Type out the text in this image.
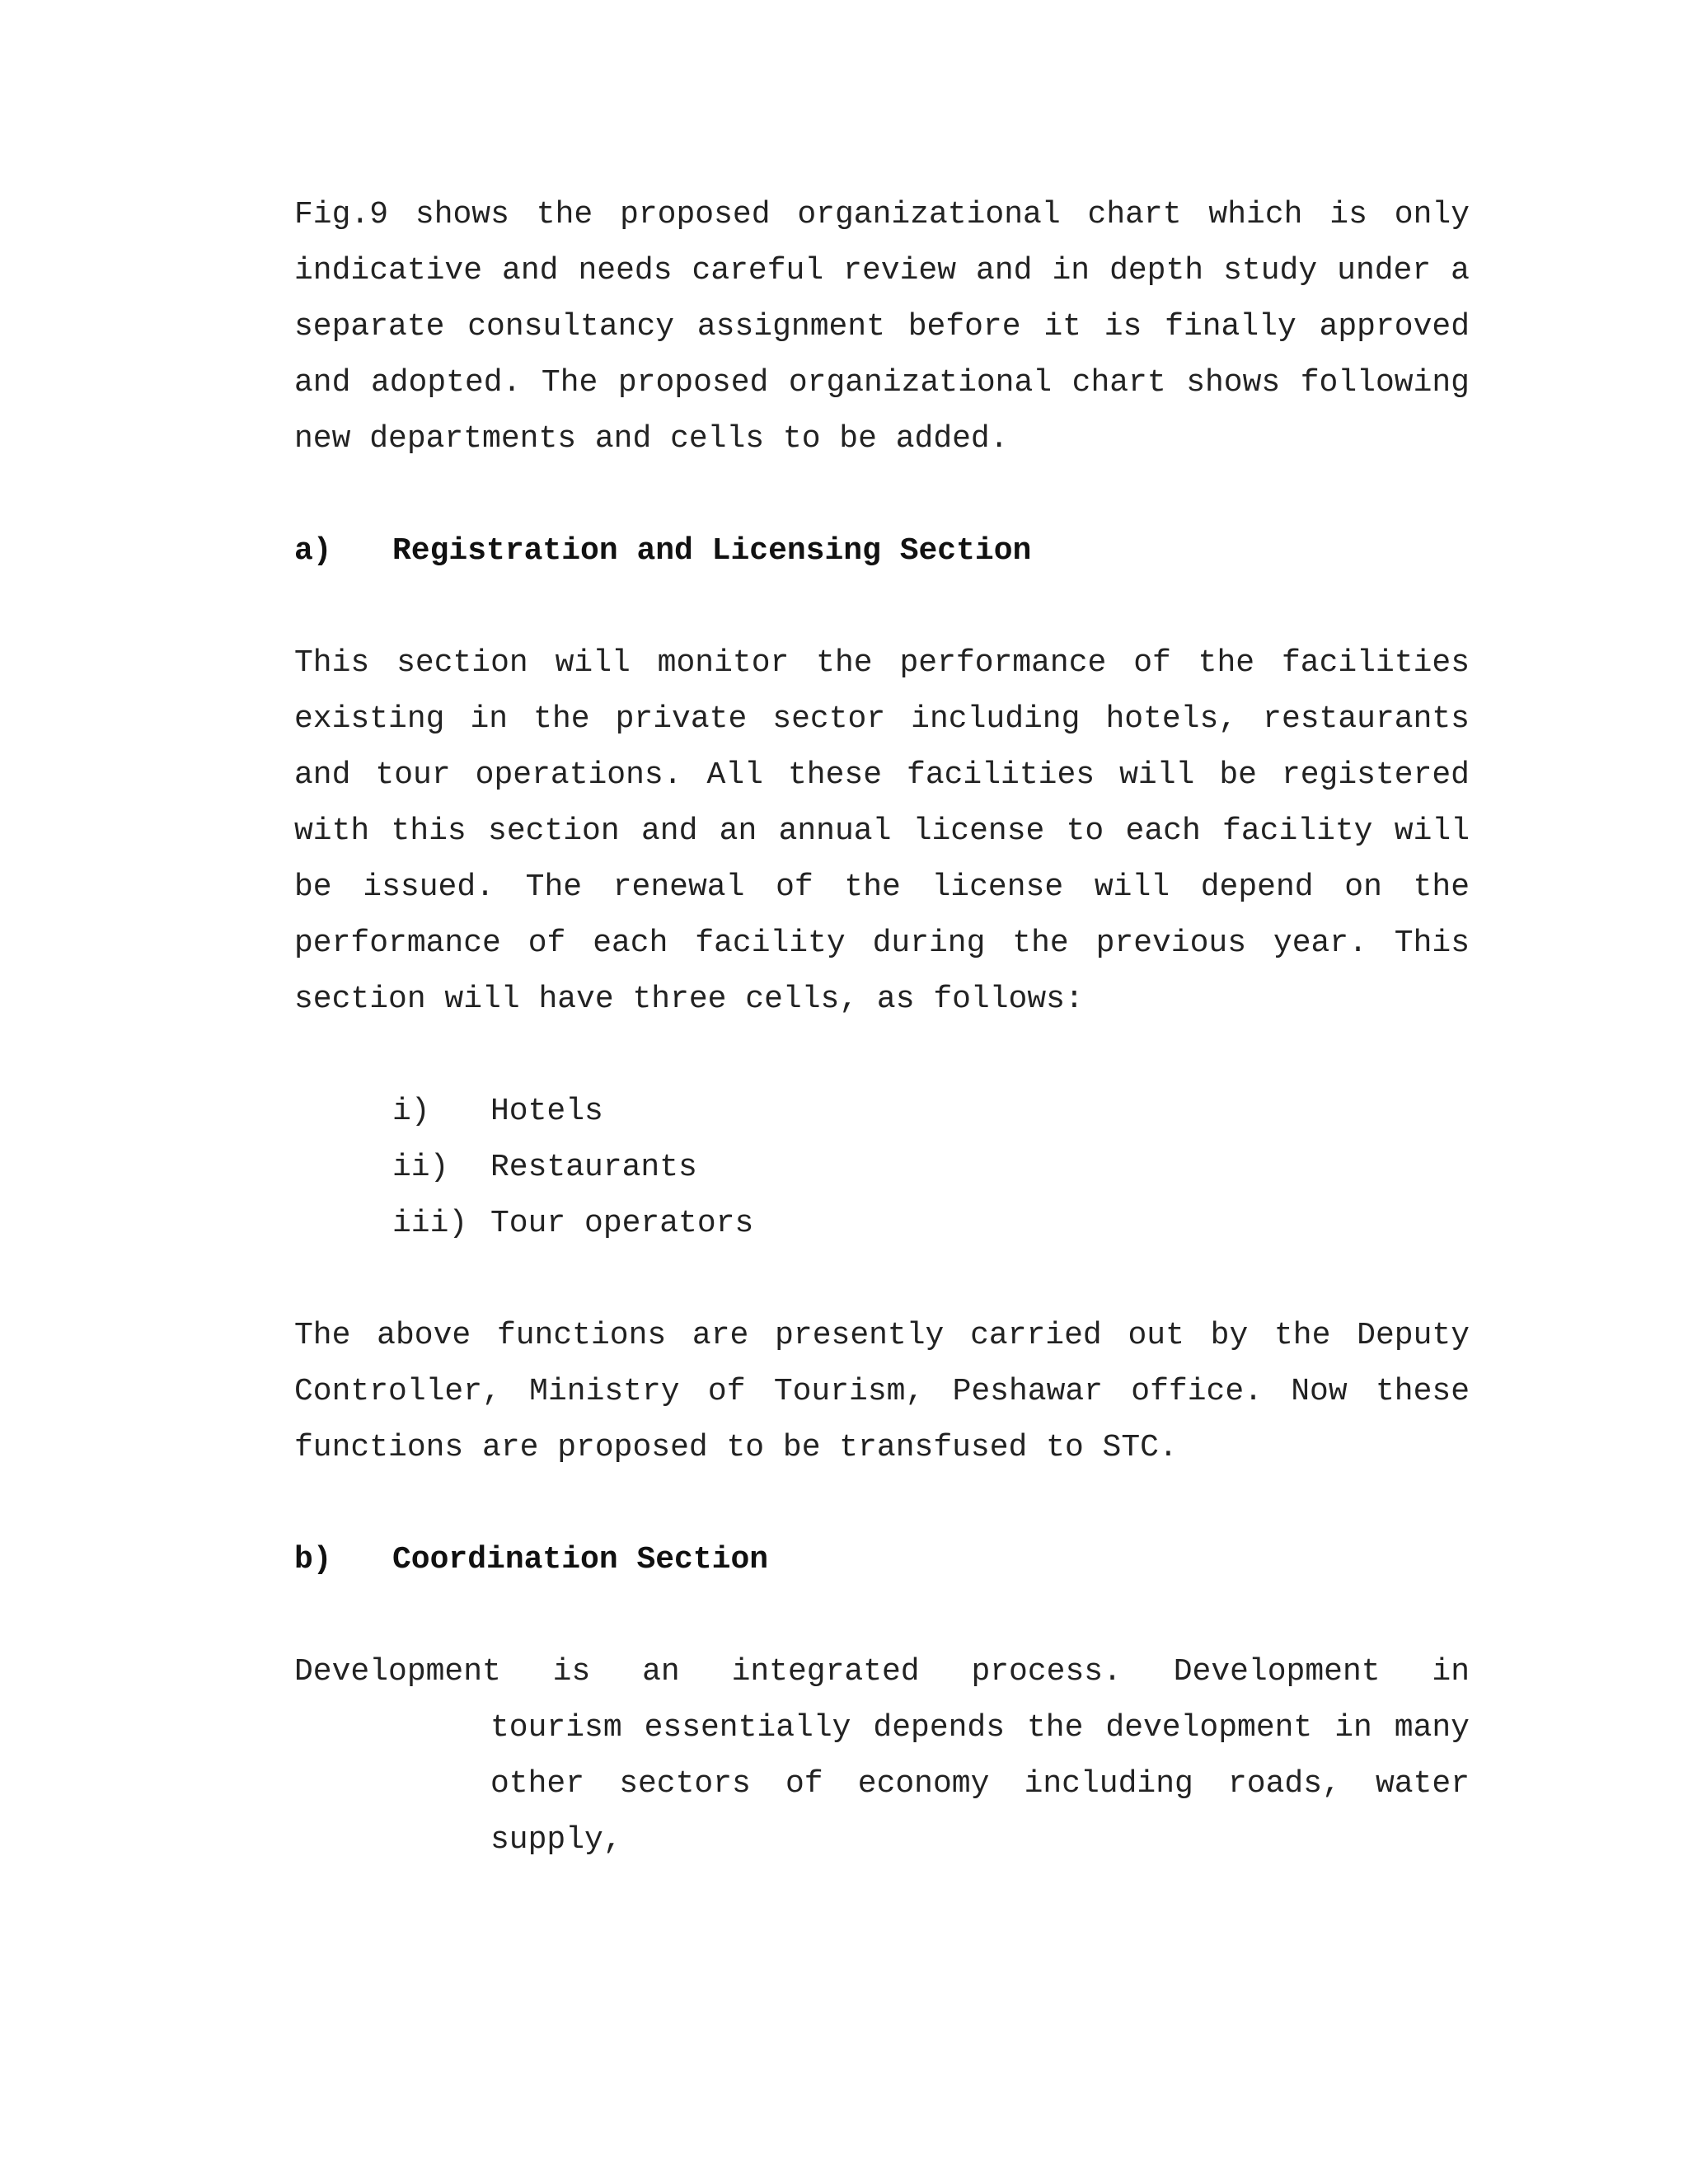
Fig.9 shows the proposed organizational chart which is only indicative and needs careful review and in depth study under a separate consultancy assignment before it is finally approved and adopted. The proposed organizational chart shows following new departments and cells to be added.

a)	Registration and Licensing Section

This section will monitor the performance of the facilities existing in the private sector including hotels, restaurants and tour operations. All these facilities will be registered with this section and an annual license to each facility will be issued. The renewal of the license will depend on the performance of each facility during the previous year. This section will have three cells, as follows:

i)	Hotels
ii)	Restaurants
iii) Tour operators

The above functions are presently carried out by the Deputy Controller, Ministry of Tourism, Peshawar office. Now these functions are proposed to be transfused to STC.

b)	Coordination Section
Development is an integrated process. Development in
tourism essentially depends the development in many other sectors of economy including roads, water supply,
